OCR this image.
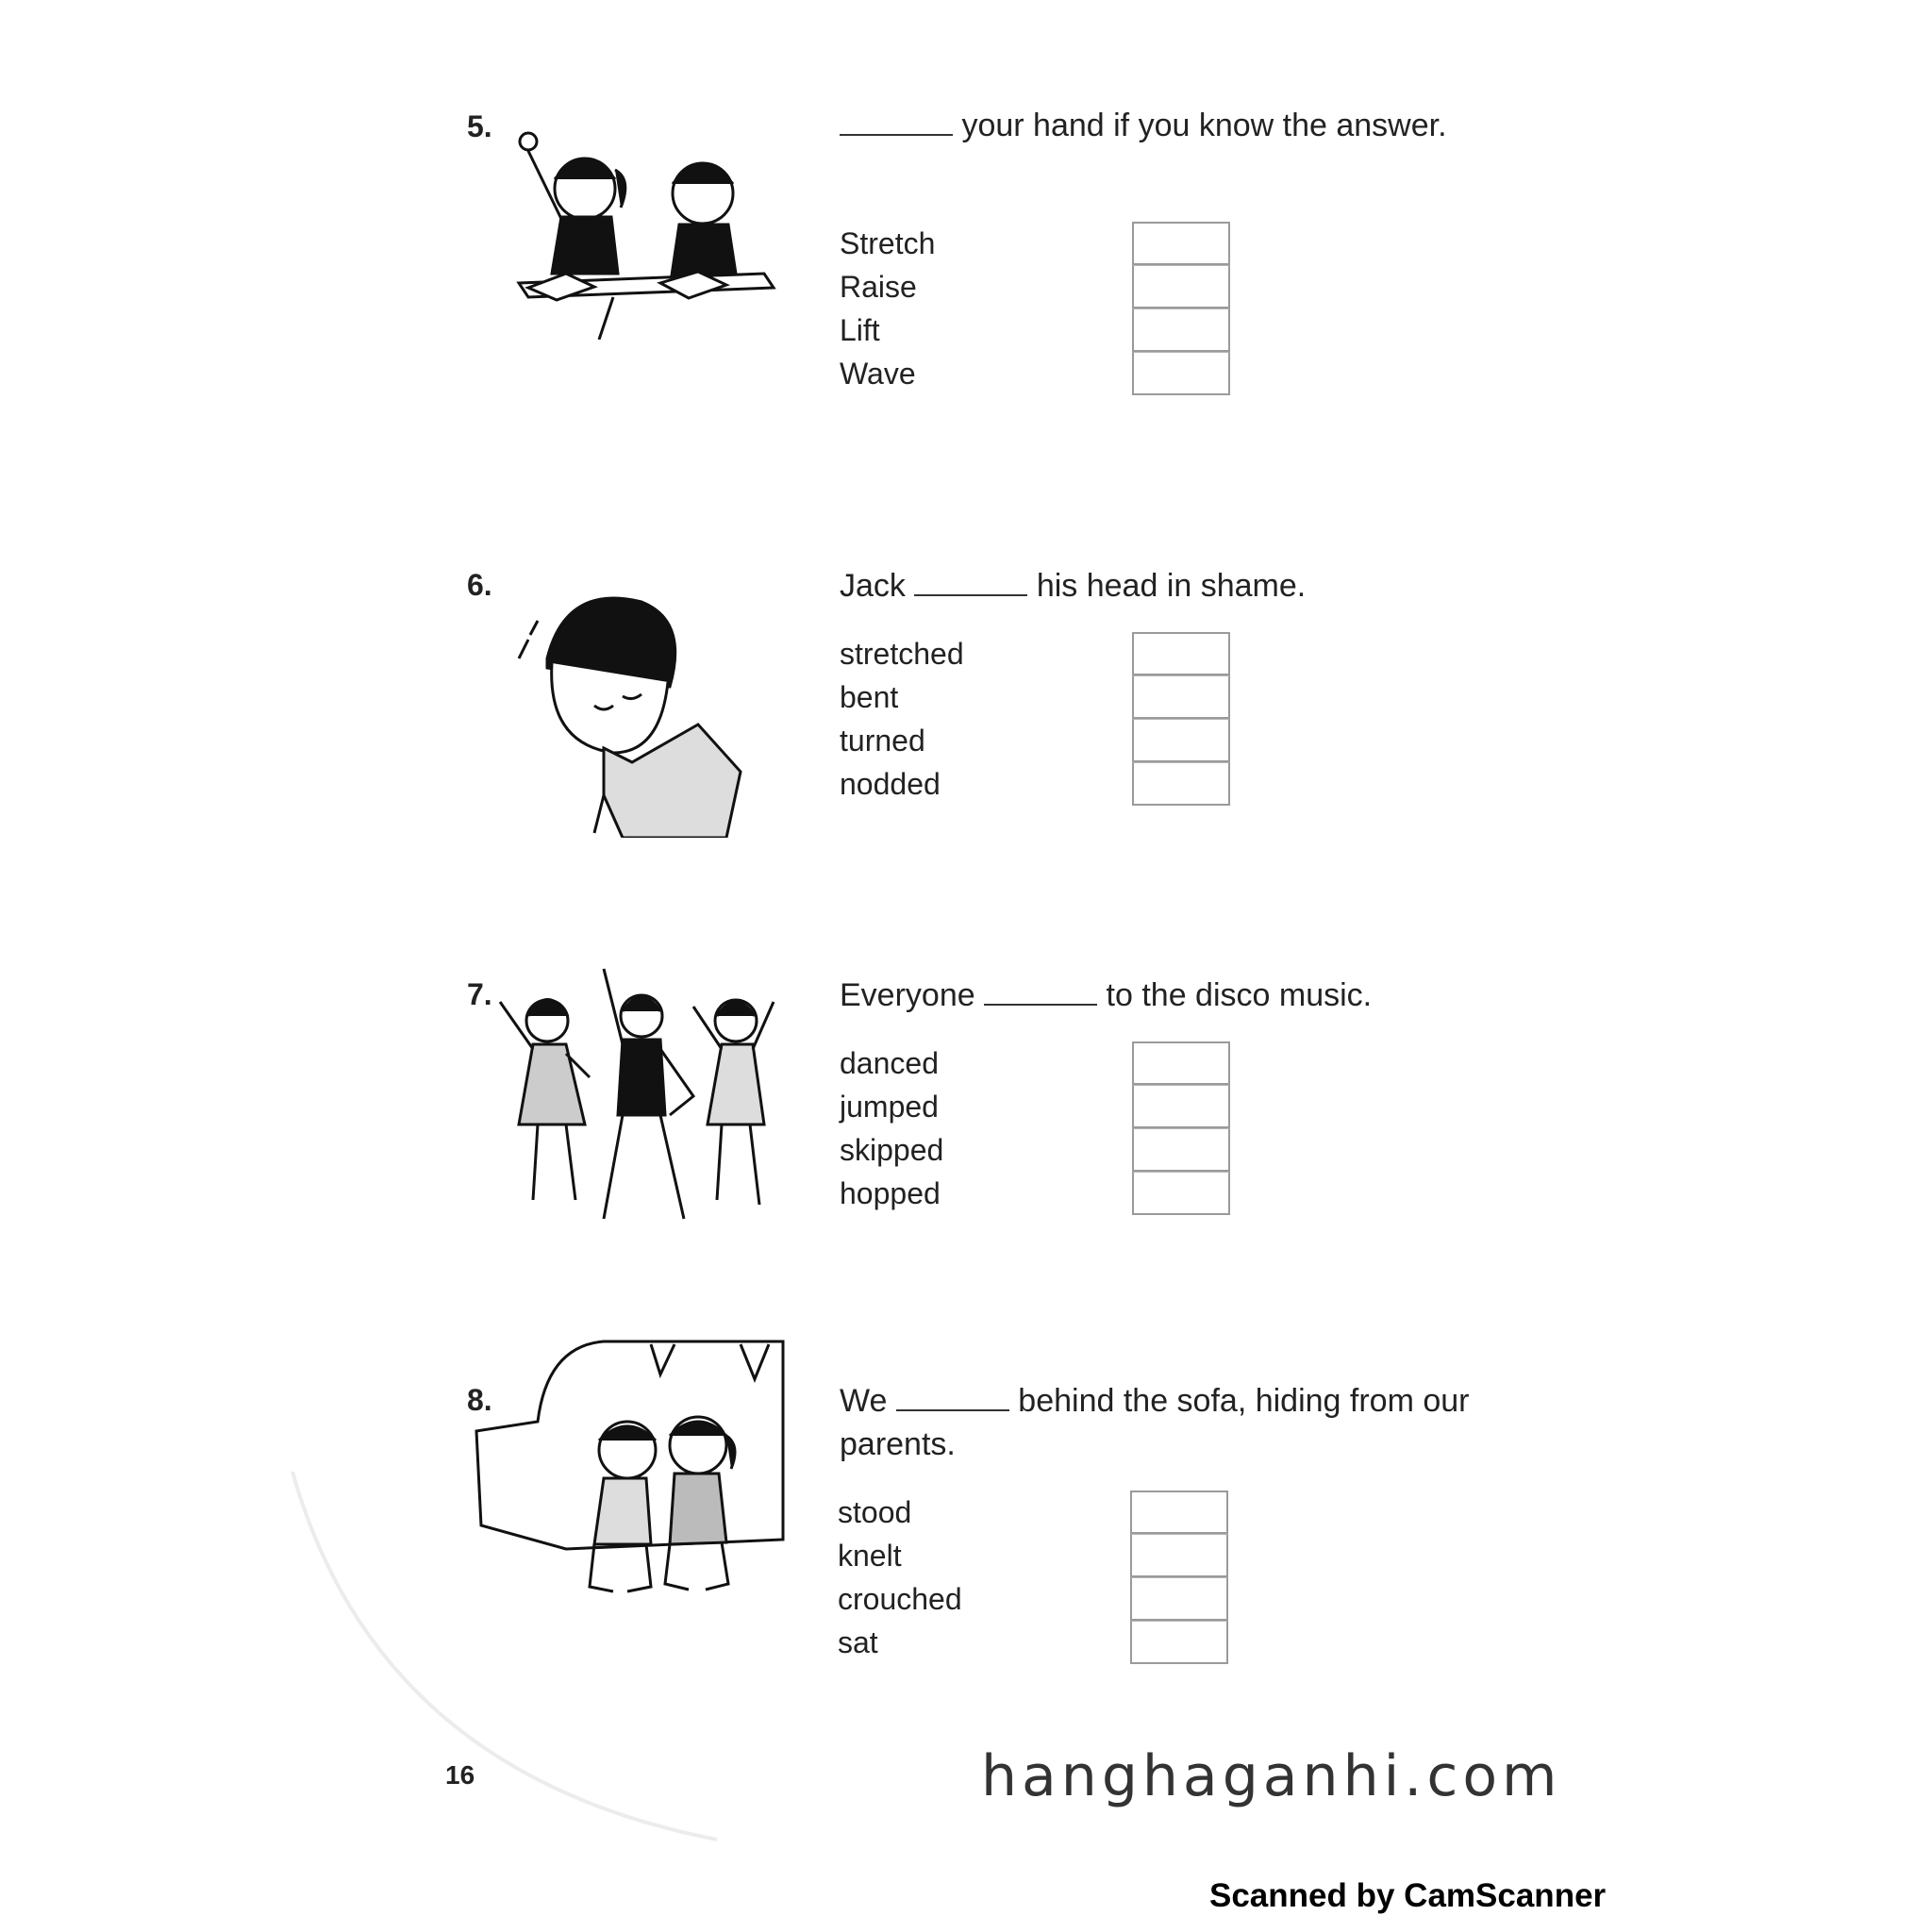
5.	your hand if you know the answer.
Stretch
Raise
Lift
Wave
6.	Jack	his head in shame.
stretched
bent
turned
nodded
7.	Everyone	to the disco music.
danced
jumped
skipped
hopped
8.	We	behind the sofa, hiding from our parents.
stood
knelt
crouched
sat
16	hanghaganhi.com
Scanned by CamScanner
